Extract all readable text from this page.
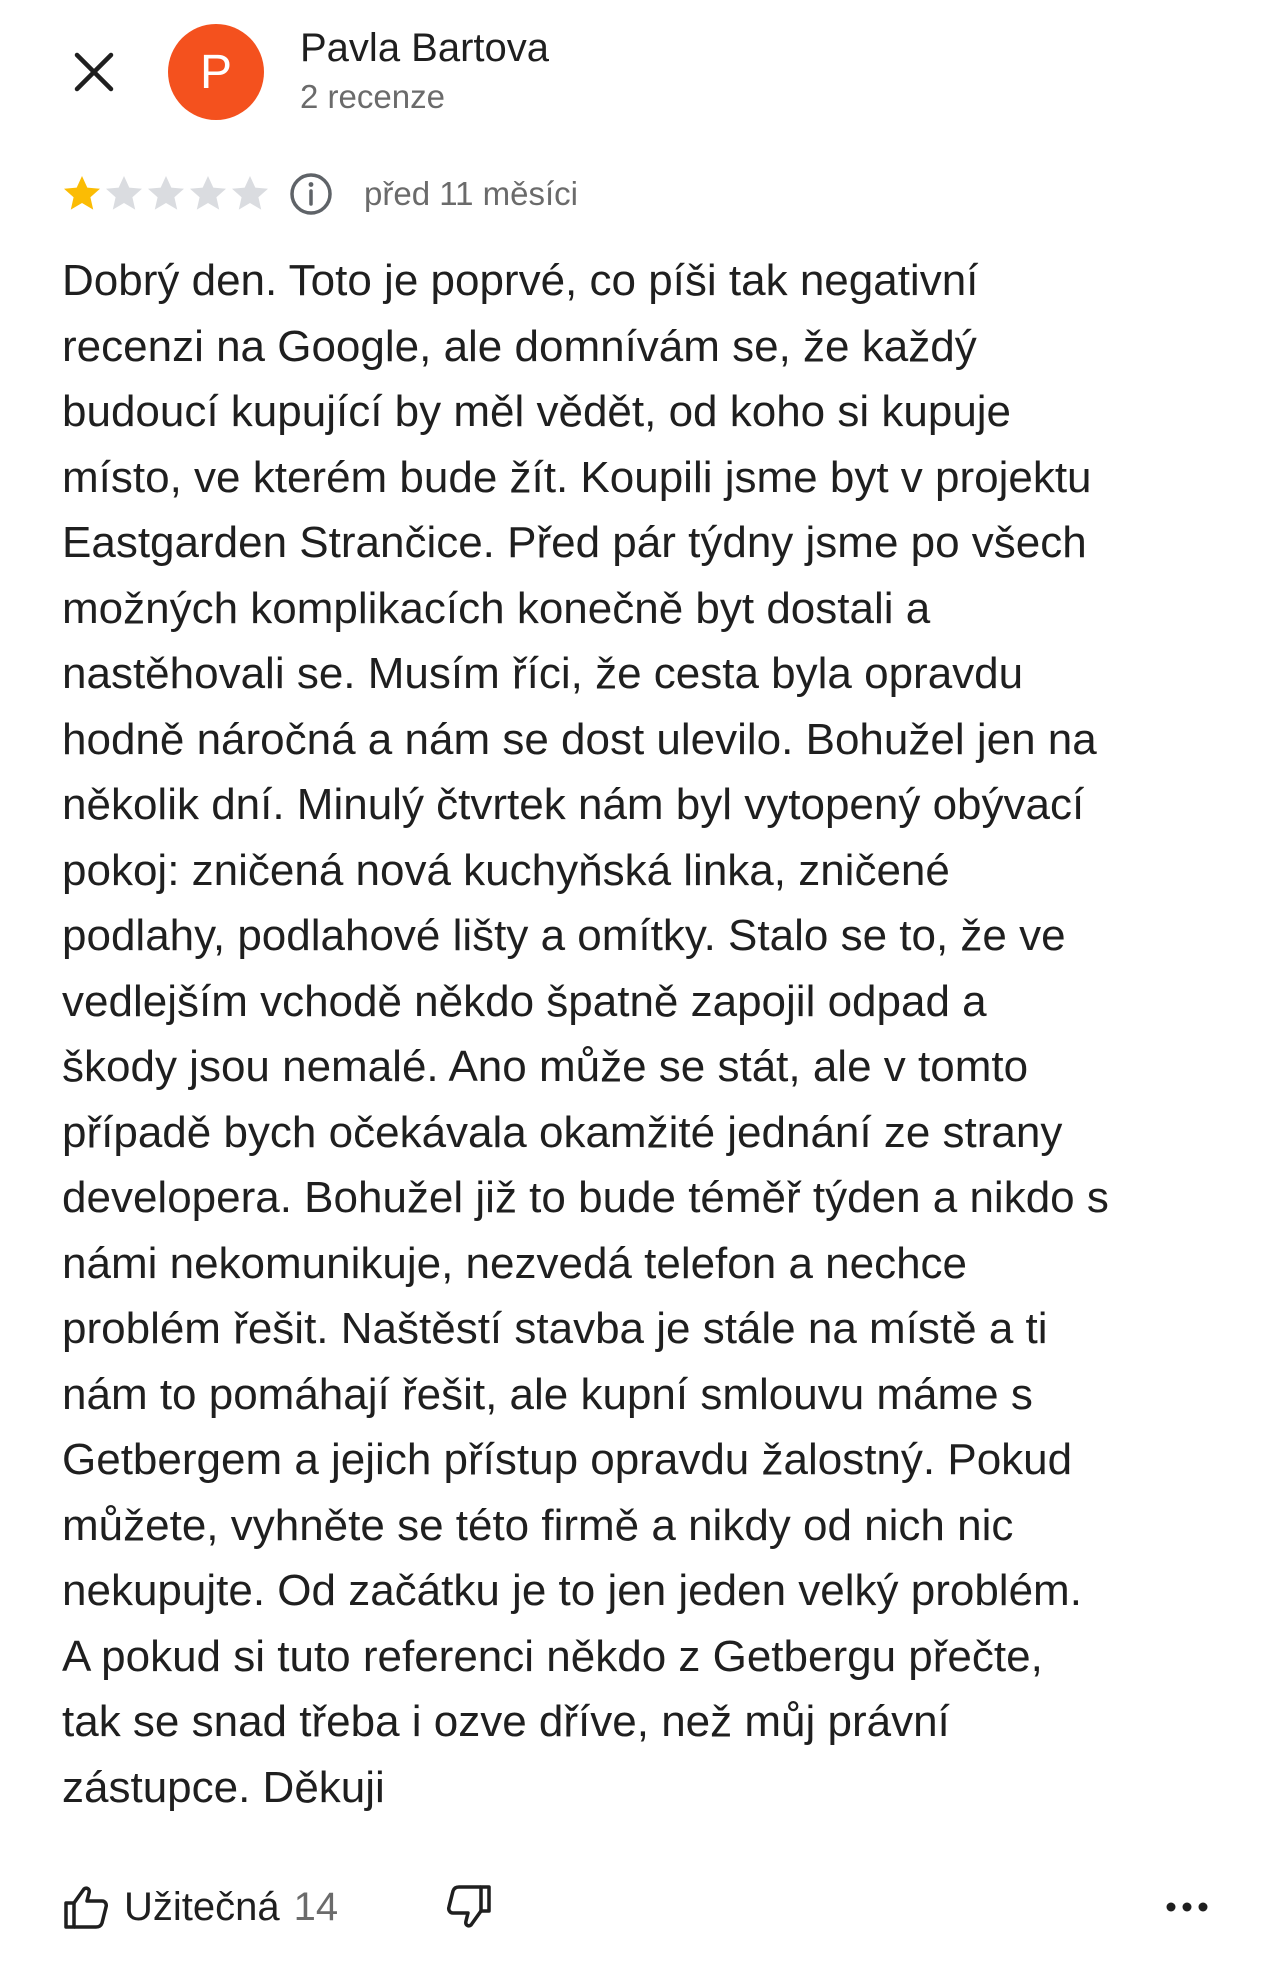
P Pavla Bartova
2 recenze
před 11 měsíci
Dobrý den. Toto je poprvé, co píši tak negativní
recenzi na Google, ale domnívám se, že každý
budoucí kupující by měl vědět, od koho si kupuje
místo, ve kterém bude žít. Koupili jsme byt v projektu
Eastgarden Strančice. Před pár týdny jsme po všech
možných komplikacích konečně byt dostali a
nastěhovali se. Musím říci, že cesta byla opravdu
hodně náročná a nám se dost ulevilo. Bohužel jen na
několik dní. Minulý čtvrtek nám byl vytopený obývací
pokoj: zničená nová kuchyňská linka, zničené
podlahy, podlahové lišty a omítky. Stalo se to, že ve
vedlejším vchodě někdo špatně zapojil odpad a
škody jsou nemalé. Ano může se stát, ale v tomto
případě bych očekávala okamžité jednání ze strany
developera. Bohužel již to bude téměř týden a nikdo s
námi nekomunikuje, nezvedá telefon a nechce
problém řešit. Naštěstí stavba je stále na místě a ti
nám to pomáhají řešit, ale kupní smlouvu máme s
Getbergem a jejich přístup opravdu žalostný. Pokud
můžete, vyhněte se této firmě a nikdy od nich nic
nekupujte. Od začátku je to jen jeden velký problém.
A pokud si tuto referenci někdo z Getbergu přečte,
tak se snad třeba i ozve dříve, než můj právní
zástupce. Děkuji
Užitečná 14
